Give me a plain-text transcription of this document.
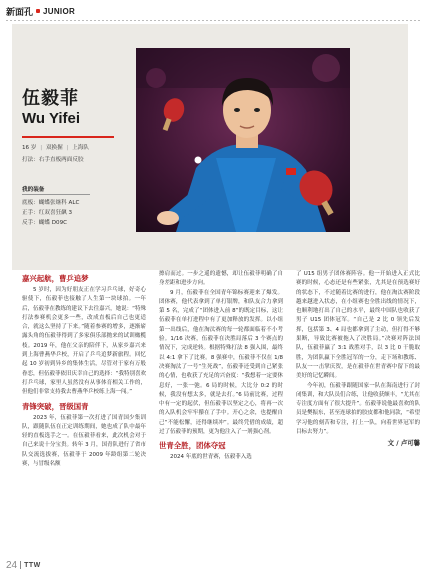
新面孔 JUNIOR
伍毅菲
Wu Yifei
16 岁 | 双换握 | 上海队
打法：右手直板两面反胶
我的装备
底板：蝴蝶张继科 ALC
正手：红双喜狂飙 3
反手：蝴蝶 D09C
嘉兴起航，曹乒追梦

5 岁时，因为好朋友正在学习乒乓球，好奇心驱使下，伍毅菲也接触了人生第一块球拍。一年后，伍毅菲在教练的建议下去往嘉兴，她说：“特殊打法参赛机会更多一些，改成直板后自己也更适合，就这么坚持了下来。”随着参赛的增多，逐渐崭露头角的伍毅菲得到了多家俱乐部抛来的试训橄榄枝。2019 年，他在父亲的陪伴下，从家乡嘉兴来到上海曹燕华乒校，开启了乒乓追梦新旅程。回忆起 10 岁初到异乡的集体生活，尽管对于家有万般眷恋，但伍毅菲依旧庆幸自己的选择：“我特别喜欢打乒乓球，家里人虽然没有从事体育相关工作的，但他们非常支持我去曹燕华乒校练上海一闯。”

青锋突破，晋级国青

2023 年，伍毅菲第一次打进了国青国少集训队，跟随队伍在正定训练期间，她也成了队中最年轻的直板选手之一。在伍毅菲看来，此次机会对于自己来说十分宝贵。转年 3 月，国青队进行了省市队交流选拔赛，伍毅菲于 2009 年龄组第二轮决赛，与冒级名额

擦肩而过。一步之遥的遗憾，却让伍毅菲明确了自身差距和进步方向。

9 月，伍毅菲在全国青年锦标赛迎来了爆发。团体赛，他代表拿到了单打银牌，和队友合力拿到第 5 名，完成了“团体进入前 8”的既定目标，这让伍毅菲在单打进程中有了更加释放的发挥。以小组第一出线后，他在淘汰赛的每一轮都面临着不小考验。1/16 决赛，伍毅菲在决胜局落后 3 个赛点的情况下，完成逆转。根据特殊打法 8 强入围，最终以 4:1 拿下了比赛。8 强赛中，伍毅菲不仅在 1/8 决赛淘汰了一号“生死战”，伍毅菲还受到自己紧张的心情，也收获了充足的兴奋度：“我想着一定要休息好，一张一弛。6 局的时候，大比分 0:2 的时候，我没有想太多，就是去打。”6 局前比赛，过程中有一定的起伏，但伍毅菲以坚定之心，将再一次的入队机会牢牢攥在了手中。开心之余，也提醒自己“不能松懈，还得继续冲”。最终凭借的成绩，超过了伍毅菲的预期，更为他注入了一剂强心剂。

世青全胜，团体夺冠

2024 年底的世青赛，伍毅菲入选

了 U15 组男子团体赛阵容。他一开始进入正式比赛的时候，心态还是有些紧张，尤其是在预选赛好的状态下，不过随着比赛的进行，他在淘汰赛阶段越来越进入状态，在小组赛也全胜出线的情况下，也顺利地打出了自己的水平，最终中国队也收获了男子 U15 团体冠军。“自己是 2 比 0 领先后发挥，包括第 3、4 局也都拿到了主动，但打得不够果断，导致比赛被拖入了决胜局。”决赛对阵法国队，伍毅菲赢了 3:1 战胜对手，以 3 比 0 干脆取胜，为团队赢下全胜冠军的一分，走下场和教练、队友一一击掌庆贺，是在毅菲在世青赛中留下的最美好的记忆瞬间。

今年初，伍毅菲跟随国家一队在海南进行了封闭集训，和大队员们合练，让他收获颇丰，“尤其在专注度方面有了很大提升”。伍毅菲说他最喜欢的队员是樊振东，甚至连球拍的胶皮都和他同款，“希望学习他的刻苦和专注，打上一队，向着世界冠军的目标去努力”。

文 / 卢可馨
24 TTW
